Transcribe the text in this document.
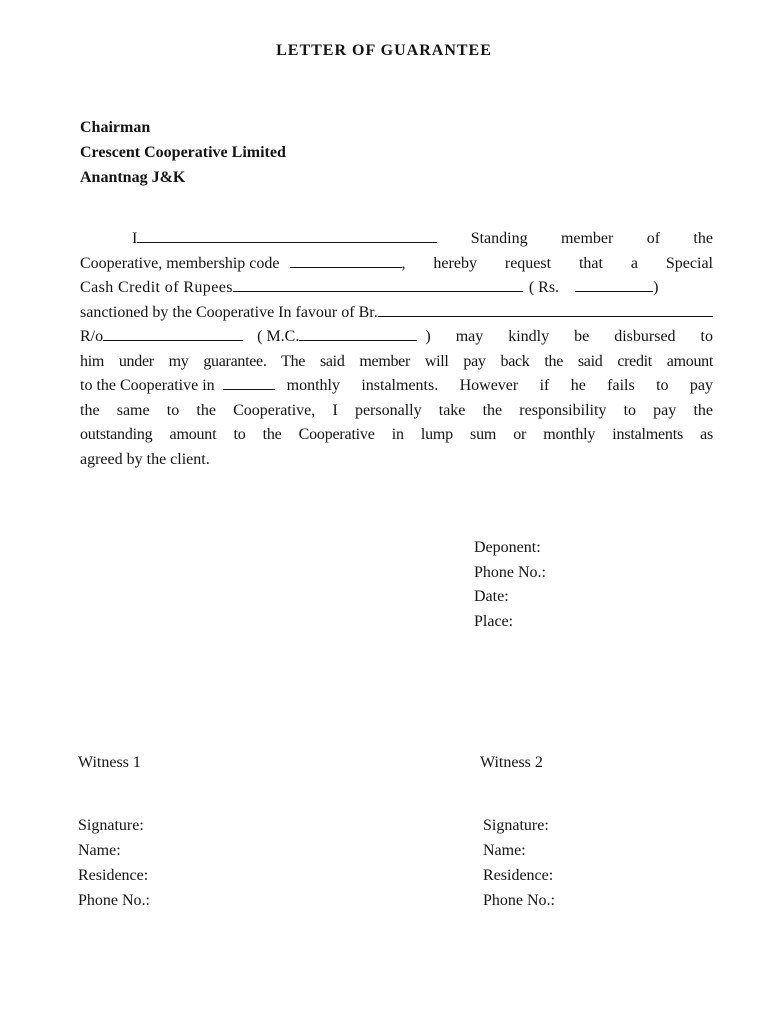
LETTER OF GUARANTEE
Chairman
Crescent Cooperative Limited
Anantnag J&K
I	Standing member of the
Cooperative, membership code	, hereby request that a Special
Cash Credit of Rupees	( Rs.	)
sanctioned by the Cooperative In favour of Br.
R/o	( M.C.	) may kindly be disbursed to
him under my guarantee. The said member will pay back the said credit amount
to the Cooperative in	monthly instalments. However if he fails to pay
the same to the Cooperative, I personally take the responsibility to pay the
outstanding amount to the Cooperative in lump sum or monthly instalments as
agreed by the client.
Deponent:
Phone No.:
Date:
Place:
Witness 1
Signature:
Name:
Residence:
Phone No.:
Witness 2
Signature:
Name:
Residence:
Phone No.:
